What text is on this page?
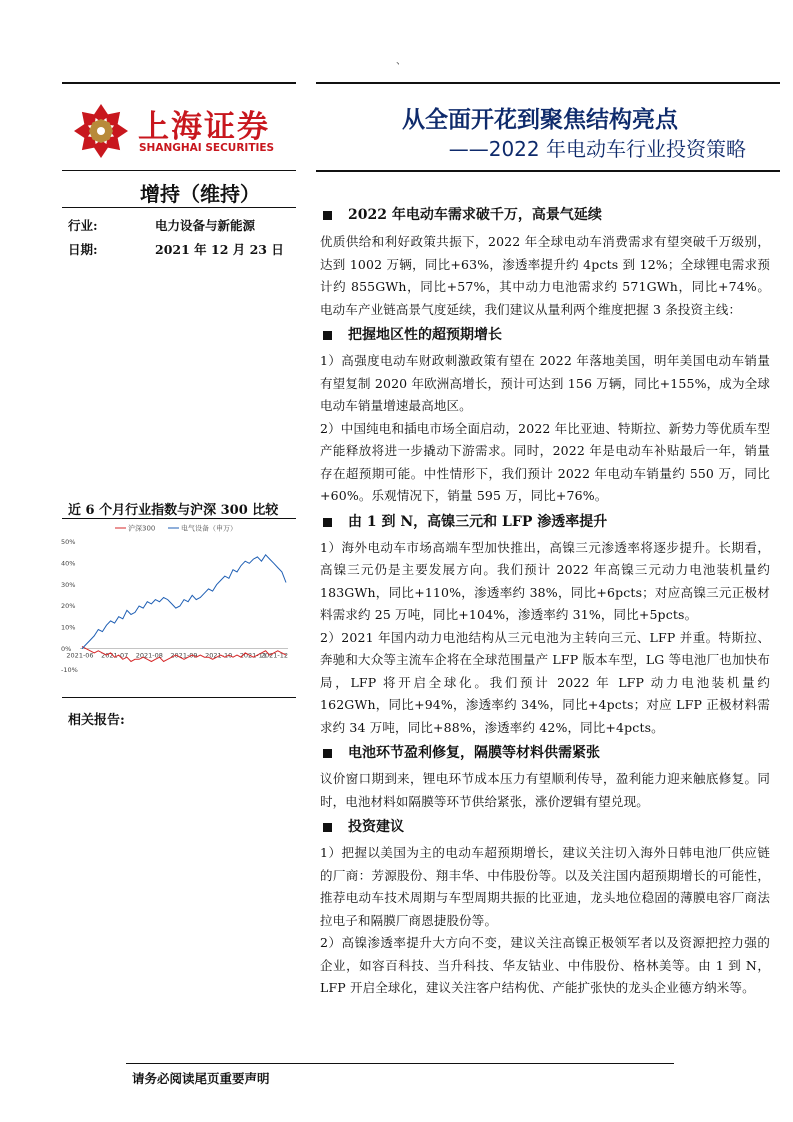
、
上海证券
SHANGHAI SECURITIES
从全面开花到聚焦结构亮点
——2022 年电动车行业投资策略
增持（维持）
行业:	电力设备与新能源
日期:	2021 年 12 月 23 日
近 6 个月行业指数与沪深 300 比较
沪深300	电气设备（申万）
50%
40%
30%
20%
10%
0%
-10%
2021-06 2021-07 2021-08 2021-09 2021-10 2021-11
2021-12
相关报告:
2022 年电动车需求破千万，高景气延续

优质供给和利好政策共振下，2022 年全球电动车消费需求有望突破千万级别，达到 1002 万辆，同比+63%，渗透率提升约 4pcts 到 12%；全球锂电需求预计约 855GWh，同比+57%，其中动力电池需求约 571GWh，同比+74%。电动车产业链高景气度延续，我们建议从量利两个维度把握 3 条投资主线：

把握地区性的超预期增长

1）高强度电动车财政刺激政策有望在 2022 年落地美国，明年美国电动车销量有望复制 2020 年欧洲高增长，预计可达到 156 万辆，同比+155%，成为全球电动车销量增速最高地区。

2）中国纯电和插电市场全面启动，2022 年比亚迪、特斯拉、新势力等优质车型产能释放将进一步撬动下游需求。同时，2022 年是电动车补贴最后一年，销量存在超预期可能。中性情形下，我们预计 2022 年电动车销量约 550 万，同比+60%。乐观情况下，销量 595 万，同比+76%。

由 1 到 N，高镍三元和 LFP 渗透率提升

1）海外电动车市场高端车型加快推出，高镍三元渗透率将逐步提升。长期看，高镍三元仍是主要发展方向。我们预计 2022 年高镍三元动力电池装机量约 183GWh，同比+110%，渗透率约 38%，同比+6pcts；对应高镍三元正极材料需求约 25 万吨，同比+104%，渗透率约 31%，同比+5pcts。

2）2021 年国内动力电池结构从三元电池为主转向三元、LFP 并重。特斯拉、奔驰和大众等主流车企将在全球范围量产 LFP 版本车型，LG 等电池厂也加快布局，LFP 将开启全球化。我们预计 2022 年 LFP 动力电池装机量约 162GWh，同比+94%，渗透率约 34%，同比+4pcts；对应 LFP 正极材料需求约 34 万吨，同比+88%，渗透率约 42%，同比+4pcts。

电池环节盈利修复，隔膜等材料供需紧张

议价窗口期到来，锂电环节成本压力有望顺利传导，盈利能力迎来触底修复。同时，电池材料如隔膜等环节供给紧张，涨价逻辑有望兑现。

投资建议

1）把握以美国为主的电动车超预期增长，建议关注切入海外日韩电池厂供应链的厂商：芳源股份、翔丰华、中伟股份等。以及关注国内超预期增长的可能性，推荐电动车技术周期与车型周期共振的比亚迪，龙头地位稳固的薄膜电容厂商法拉电子和隔膜厂商恩捷股份等。

2）高镍渗透率提升大方向不变，建议关注高镍正极领军者以及资源把控力强的企业，如容百科技、当升科技、华友钴业、中伟股份、格林美等。由 1 到 N，LFP 开启全球化，建议关注客户结构优、产能扩张快的龙头企业德方纳米等。

请务必阅读尾页重要声明
